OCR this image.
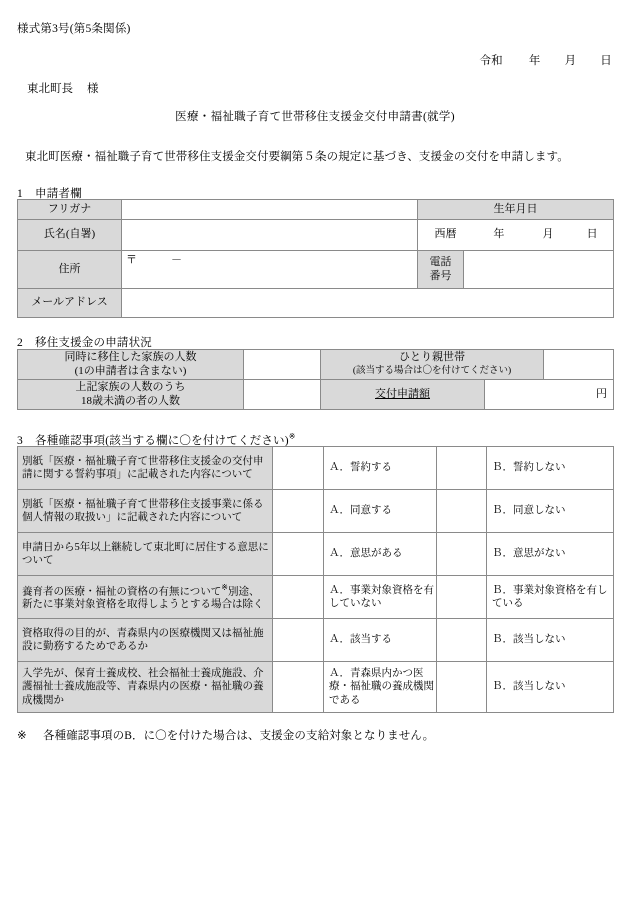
様式第3号(第5条関係)
令和 年 月 日
東北町長 様
医療・福祉職子育て世帯移住支援金交付申請書(就学)
東北町医療・福祉職子育て世帯移住支援金交付要綱第５条の規定に基づき、支援金の交付を申請します。
1 申請者欄
フリガナ		生年月日	
氏名(自署)		西暦 年 月 日	

住所	〒 －	電話
番号	
メールアドレス			
2 移住支援金の申請状況
同時に移住した家族の人数
(1の申請者は含まない)		ひとり親世帯
(該当する場合は〇を付けてください)		
上記家族の人数のうち
18歳未満の者の人数		交付申請額	円	
3 各種確認事項(該当する欄に〇を付けてください)※
別紙「医療・福祉職子育て世帯移住支援金の交付申請に関する誓約事項」に記載された内容について		Ａ．誓約する		Ｂ．誓約しない
別紙「医療・福祉職子育て世帯移住支援事業に係る個人情報の取扱い」に記載された内容について		Ａ．同意する		Ｂ．同意しない
申請日から5年以上継続して東北町に居住する意思について		Ａ．意思がある		Ｂ．意思がない
養育者の医療・福祉の資格の有無について※別途、新たに事業対象資格を取得しようとする場合は除く		Ａ．事業対象資格を有していない		Ｂ．事業対象資格を有している
資格取得の目的が、青森県内の医療機関又は福祉施設に勤務するためであるか		Ａ．該当する		Ｂ．該当しない
入学先が、保育士養成校、社会福祉士養成施設、介護福祉士養成施設等、青森県内の医療・福祉職の養成機関か		Ａ．青森県内かつ医療・福祉職の養成機関である		Ｂ．該当しない
※ 各種確認事項のB．に〇を付けた場合は、支援金の支給対象となりません。
